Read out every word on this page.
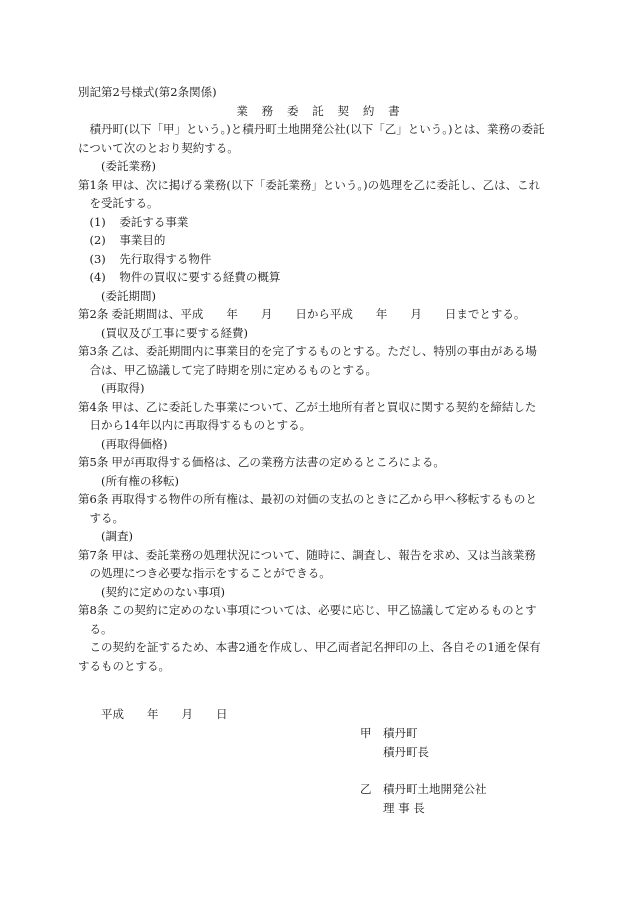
別記第2号様式(第2条関係)
業務委託契約書
積丹町(以下「甲」という。)と積丹町土地開発公社(以下「乙」という。)とは、業務の委託
について次のとおり契約する。
(委託業務)
第1条 甲は、次に掲げる業務(以下「委託業務」という。)の処理を乙に委託し、乙は、これ
を受託する。
(1) 委託する事業
(2) 事業目的
(3) 先行取得する物件
(4) 物件の買収に要する経費の概算
(委託期間)
第2条 委託期間は、平成　　年　　月　　日から平成　　年　　月　　日までとする。
(買収及び工事に要する経費)
第3条 乙は、委託期間内に事業目的を完了するものとする。ただし、特別の事由がある場
合は、甲乙協議して完了時期を別に定めるものとする。
(再取得)
第4条 甲は、乙に委託した事業について、乙が土地所有者と買収に関する契約を締結した
日から14年以内に再取得するものとする。
(再取得価格)
第5条 甲が再取得する価格は、乙の業務方法書の定めるところによる。
(所有権の移転)
第6条 再取得する物件の所有権は、最初の対価の支払のときに乙から甲へ移転するものと
する。
(調査)
第7条 甲は、委託業務の処理状況について、随時に、調査し、報告を求め、又は当該業務
の処理につき必要な指示をすることができる。
(契約に定めのない事項)
第8条 この契約に定めのない事項については、必要に応じ、甲乙協議して定めるものとす
る。
この契約を証するため、本書2通を作成し、甲乙両者記名押印の上、各自その1通を保有
するものとする。
平成　　年　　月　　日
甲 積丹町
積丹町長
乙 積丹町土地開発公社
理 事 長
